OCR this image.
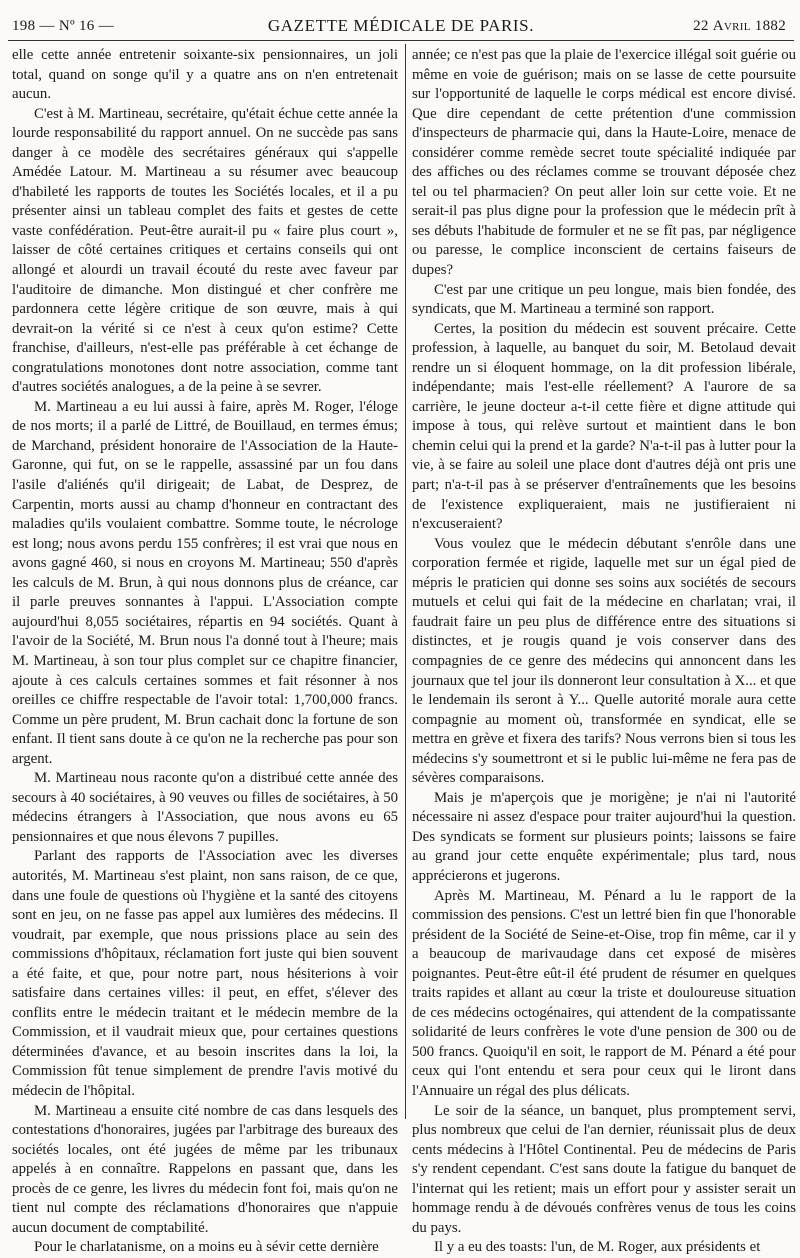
198 — Nº 16 —	GAZETTE MÉDICALE DE PARIS.	22 Avril 1882

elle cette année entretenir soixante-six pensionnaires, un joli total, quand on songe qu'il y a quatre ans on n'en entretenait aucun.

C'est à M. Martineau, secrétaire, qu'était échue cette année la lourde responsabilité du rapport annuel. On ne succède pas sans danger à ce modèle des secrétaires généraux qui s'appelle Amédée Latour. M. Martineau a su résumer avec beaucoup d'habileté les rapports de toutes les Sociétés locales, et il a pu présenter ainsi un tableau complet des faits et gestes de cette vaste confédération. Peut-être aurait-il pu « faire plus court », laisser de côté certaines critiques et certains conseils qui ont allongé et alourdi un travail écouté du reste avec faveur par l'auditoire de dimanche. Mon distingué et cher confrère me pardonnera cette légère critique de son œuvre, mais à qui devrait-on la vérité si ce n'est à ceux qu'on estime? Cette franchise, d'ailleurs, n'est-elle pas préférable à cet échange de congratulations monotones dont notre association, comme tant d'autres sociétés analogues, a de la peine à se sevrer.

M. Martineau a eu lui aussi à faire, après M. Roger, l'éloge de nos morts; il a parlé de Littré, de Bouillaud, en termes émus; de Marchand, président honoraire de l'Association de la Haute-Garonne, qui fut, on se le rappelle, assassiné par un fou dans l'asile d'aliénés qu'il dirigeait; de Labat, de Desprez, de Carpentin, morts aussi au champ d'honneur en contractant des maladies qu'ils voulaient combattre. Somme toute, le nécrologe est long; nous avons perdu 155 confrères; il est vrai que nous en avons gagné 460, si nous en croyons M. Martineau; 550 d'après les calculs de M. Brun, à qui nous donnons plus de créance, car il parle preuves sonnantes à l'appui. L'Association compte aujourd'hui 8,055 sociétaires, répartis en 94 sociétés. Quant à l'avoir de la Société, M. Brun nous l'a donné tout à l'heure; mais M. Martineau, à son tour plus complet sur ce chapitre financier, ajoute à ces calculs certaines sommes et fait résonner à nos oreilles ce chiffre respectable de l'avoir total: 1,700,000 francs. Comme un père prudent, M. Brun cachait donc la fortune de son enfant. Il tient sans doute à ce qu'on ne la recherche pas pour son argent.

M. Martineau nous raconte qu'on a distribué cette année des secours à 40 sociétaires, à 90 veuves ou filles de sociétaires, à 50 médecins étrangers à l'Association, que nous avons eu 65 pensionnaires et que nous élevons 7 pupilles.

Parlant des rapports de l'Association avec les diverses autorités, M. Martineau s'est plaint, non sans raison, de ce que, dans une foule de questions où l'hygiène et la santé des citoyens sont en jeu, on ne fasse pas appel aux lumières des médecins. Il voudrait, par exemple, que nous prissions place au sein des commissions d'hôpitaux, réclamation fort juste qui bien souvent a été faite, et que, pour notre part, nous hésiterions à voir satisfaire dans certaines villes: il peut, en effet, s'élever des conflits entre le médecin traitant et le médecin membre de la Commission, et il vaudrait mieux que, pour certaines questions déterminées d'avance, et au besoin inscrites dans la loi, la Commission fût tenue simplement de prendre l'avis motivé du médecin de l'hôpital.

M. Martineau a ensuite cité nombre de cas dans lesquels des contestations d'honoraires, jugées par l'arbitrage des bureaux des sociétés locales, ont été jugées de même par les tribunaux appelés à en connaître. Rappelons en passant que, dans les procès de ce genre, les livres du médecin font foi, mais qu'on ne tient nul compte des réclamations d'honoraires que n'appuie aucun document de comptabilité.

Pour le charlatanisme, on a moins eu à sévir cette dernière

année; ce n'est pas que la plaie de l'exercice illégal soit guérie ou même en voie de guérison; mais on se lasse de cette poursuite sur l'opportunité de laquelle le corps médical est encore divisé. Que dire cependant de cette prétention d'une commission d'inspecteurs de pharmacie qui, dans la Haute-Loire, menace de considérer comme remède secret toute spécialité indiquée par des affiches ou des réclames comme se trouvant déposée chez tel ou tel pharmacien? On peut aller loin sur cette voie. Et ne serait-il pas plus digne pour la profession que le médecin prît à ses débuts l'habitude de formuler et ne se fît pas, par négligence ou paresse, le complice inconscient de certains faiseurs de dupes?

C'est par une critique un peu longue, mais bien fondée, des syndicats, que M. Martineau a terminé son rapport.

Certes, la position du médecin est souvent précaire. Cette profession, à laquelle, au banquet du soir, M. Betolaud devait rendre un si éloquent hommage, on la dit profession libérale, indépendante; mais l'est-elle réellement? A l'aurore de sa carrière, le jeune docteur a-t-il cette fière et digne attitude qui impose à tous, qui relève surtout et maintient dans le bon chemin celui qui la prend et la garde? N'a-t-il pas à lutter pour la vie, à se faire au soleil une place dont d'autres déjà ont pris une part; n'a-t-il pas à se préserver d'entraînements que les besoins de l'existence expliqueraient, mais ne justifieraient ni n'excuseraient?

Vous voulez que le médecin débutant s'enrôle dans une corporation fermée et rigide, laquelle met sur un égal pied de mépris le praticien qui donne ses soins aux sociétés de secours mutuels et celui qui fait de la médecine en charlatan; vrai, il faudrait faire un peu plus de différence entre des situations si distinctes, et je rougis quand je vois conserver dans des compagnies de ce genre des médecins qui annoncent dans les journaux que tel jour ils donneront leur consultation à X... et que le lendemain ils seront à Y... Quelle autorité morale aura cette compagnie au moment où, transformée en syndicat, elle se mettra en grève et fixera des tarifs? Nous verrons bien si tous les médecins s'y soumettront et si le public lui-même ne fera pas de sévères comparaisons.

Mais je m'aperçois que je morigène; je n'ai ni l'autorité nécessaire ni assez d'espace pour traiter aujourd'hui la question. Des syndicats se forment sur plusieurs points; laissons se faire au grand jour cette enquête expérimentale; plus tard, nous apprécierons et jugerons.

Après M. Martineau, M. Pénard a lu le rapport de la commission des pensions. C'est un lettré bien fin que l'honorable président de la Société de Seine-et-Oise, trop fin même, car il y a beaucoup de marivaudage dans cet exposé de misères poignantes. Peut-être eût-il été prudent de résumer en quelques traits rapides et allant au cœur la triste et douloureuse situation de ces médecins octogénaires, qui attendent de la compatissante solidarité de leurs confrères le vote d'une pension de 300 ou de 500 francs. Quoiqu'il en soit, le rapport de M. Pénard a été pour ceux qui l'ont entendu et sera pour ceux qui le liront dans l'Annuaire un régal des plus délicats.

Le soir de la séance, un banquet, plus promptement servi, plus nombreux que celui de l'an dernier, réunissait plus de deux cents médecins à l'Hôtel Continental. Peu de médecins de Paris s'y rendent cependant. C'est sans doute la fatigue du banquet de l'internat qui les retient; mais un effort pour y assister serait un hommage rendu à de dévoués confrères venus de tous les coins du pays.

Il y a eu des toasts: l'un, de M. Roger, aux présidents et
